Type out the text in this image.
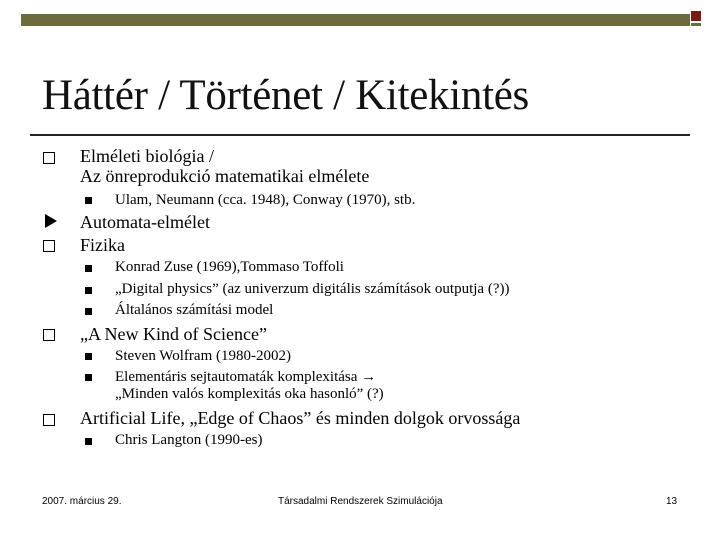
Háttér / Történet / Kitekintés
Elméleti biológia /
Az önreprodukció matematikai elmélete
Ulam, Neumann (cca. 1948), Conway (1970), stb.
Automata-elmélet
Fizika
Konrad Zuse (1969),Tommaso Toffoli
„Digital physics” (az univerzum digitális számítások outputja (?))
Általános számítási model
„A New Kind of Science”
Steven Wolfram (1980-2002)
Elementáris sejtautomaták komplexitása →
„Minden valós komplexitás oka hasonló” (?)
Artificial Life, „Edge of Chaos” és minden dolgok orvossága
Chris Langton (1990-es)
2007. március 29.	Társadalmi Rendszerek Szimulációja	13
